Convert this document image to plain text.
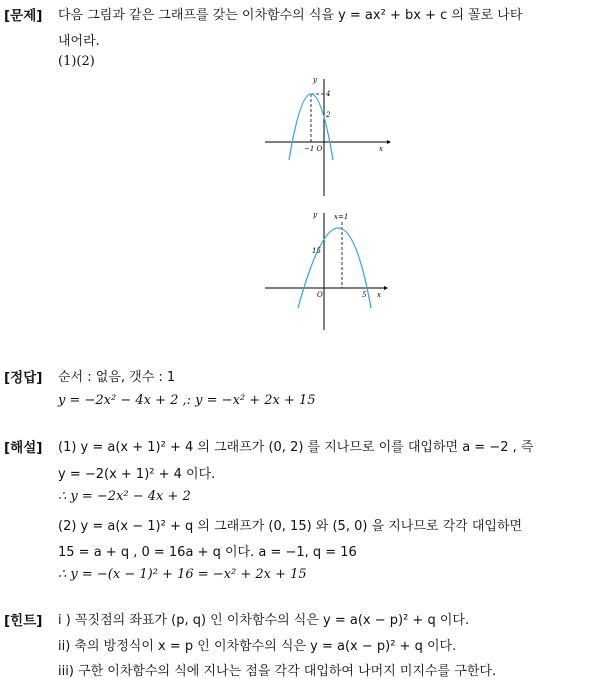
[문제] 다음 그림과 같은 그래프를 갖는 이차함수의 식을 y = ax² + bx + c 의 꼴로 나타
내어라.
(1)(2)
y
x
4
2
−1 O
y
x
x=1
15
O	5
[정답] 순서 : 없음, 갯수 : 1
y = −2x² − 4x + 2 ,: y = −x² + 2x + 15
[해설] (1) y = a(x + 1)² + 4 의 그래프가 (0, 2) 를 지나므로 이를 대입하면 a = −2 , 즉
y = −2(x + 1)² + 4 이다.
∴ y = −2x² − 4x + 2
(2) y = a(x − 1)² + q 의 그래프가 (0, 15) 와 (5, 0) 을 지나므로 각각 대입하면
15 = a + q , 0 = 16a + q 이다. a = −1, q = 16
∴ y = −(x − 1)² + 16 = −x² + 2x + 15
[힌트] i ) 꼭짓점의 좌표가 (p, q) 인 이차함수의 식은 y = a(x − p)² + q 이다.
ii) 축의 방정식이 x = p 인 이차함수의 식은 y = a(x − p)² + q 이다.
iii) 구한 이차함수의 식에 지나는 점을 각각 대입하여 나머지 미지수를 구한다.
